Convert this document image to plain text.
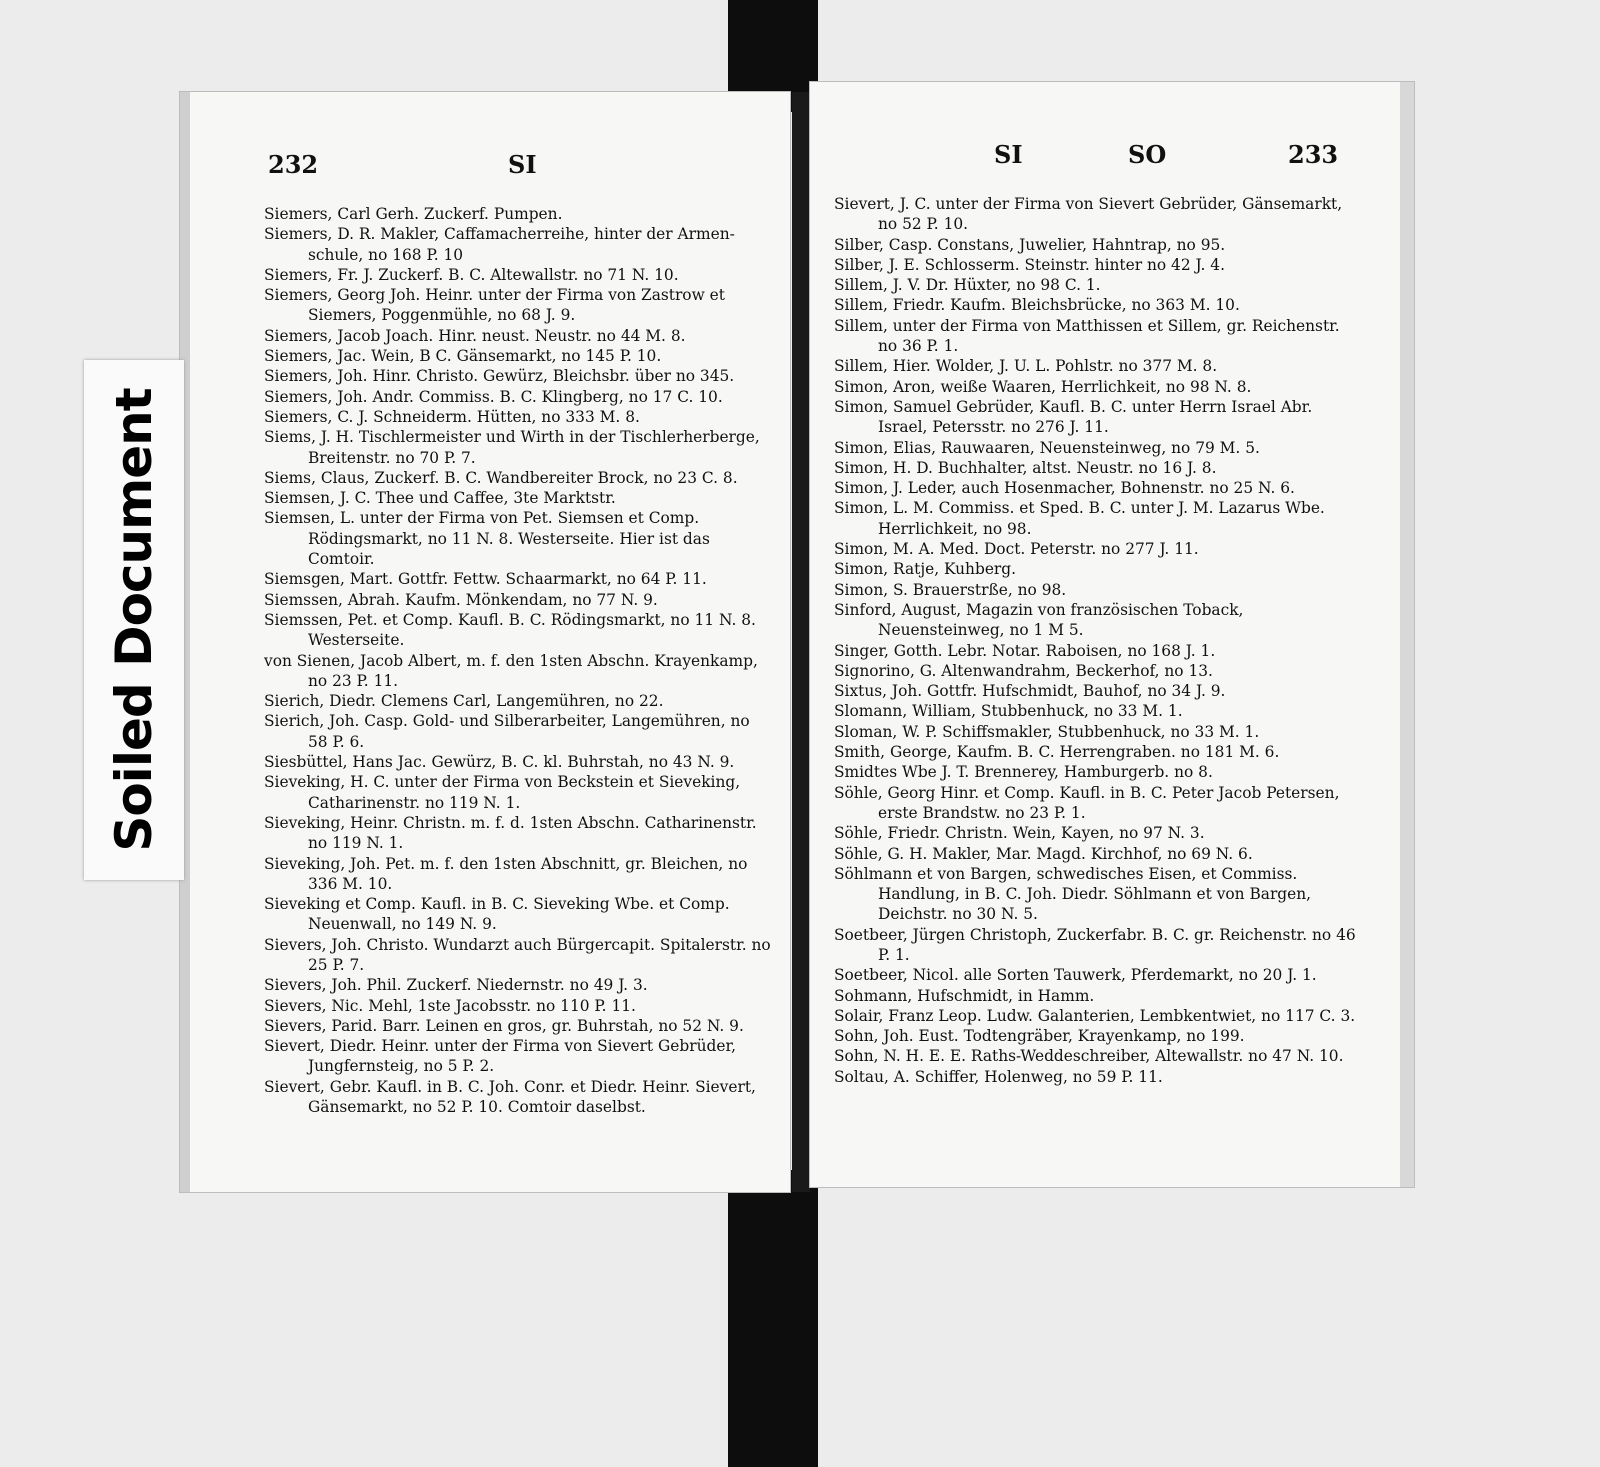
232	SI
Siemers, Carl Gerh. Zuckerf. Pumpen.
Siemers, D. R. Makler, Caffamacherreihe, hinter der Armen-schule, no 168 P. 10
Siemers, Fr. J. Zuckerf. B. C. Altewallstr. no 71 N. 10.
Siemers, Georg Joh. Heinr. unter der Firma von Zastrow et Siemers, Poggenmühle, no 68 J. 9.
Siemers, Jacob Joach. Hinr. neust. Neustr. no 44 M. 8.
Siemers, Jac. Wein, B C. Gänsemarkt, no 145 P. 10.
Siemers, Joh. Hinr. Christo. Gewürz, Bleichsbr. über no 345.
Siemers, Joh. Andr. Commiss. B. C. Klingberg, no 17 C. 10.
Siemers, C. J. Schneiderm. Hütten, no 333 M. 8.
Siems, J. H. Tischlermeister und Wirth in der Tischlerherberge, Breitenstr. no 70 P. 7.
Siems, Claus, Zuckerf. B. C. Wandbereiter Brock, no 23 C. 8.
Siemsen, J. C. Thee und Caffee, 3te Marktstr.
Siemsen, L. unter der Firma von Pet. Siemsen et Comp. Rödingsmarkt, no 11 N. 8. Westerseite. Hier ist das Comtoir.
Siemsgen, Mart. Gottfr. Fettw. Schaarmarkt, no 64 P. 11.
Siemssen, Abrah. Kaufm. Mönkendam, no 77 N. 9.
Siemssen, Pet. et Comp. Kaufl. B. C. Rödingsmarkt, no 11 N. 8. Westerseite.
von Sienen, Jacob Albert, m. f. den 1sten Abschn. Krayenkamp, no 23 P. 11.
Sierich, Diedr. Clemens Carl, Langemühren, no 22.
Sierich, Joh. Casp. Gold- und Silberarbeiter, Langemühren, no 58 P. 6.
Siesbüttel, Hans Jac. Gewürz, B. C. kl. Buhrstah, no 43 N. 9.
Sieveking, H. C. unter der Firma von Beckstein et Sieveking, Catharinenstr. no 119 N. 1.
Sieveking, Heinr. Christn. m. f. d. 1sten Abschn. Catharinenstr. no 119 N. 1.
Sieveking, Joh. Pet. m. f. den 1sten Abschnitt, gr. Bleichen, no 336 M. 10.
Sieveking et Comp. Kaufl. in B. C. Sieveking Wbe. et Comp. Neuenwall, no 149 N. 9.
Sievers, Joh. Christo. Wundarzt auch Bürgercapit. Spitalerstr. no 25 P. 7.
Sievers, Joh. Phil. Zuckerf. Niedernstr. no 49 J. 3.
Sievers, Nic. Mehl, 1ste Jacobsstr. no 110 P. 11.
Sievers, Parid. Barr. Leinen en gros, gr. Buhrstah, no 52 N. 9.
Sievert, Diedr. Heinr. unter der Firma von Sievert Gebrüder, Jungfernsteig, no 5 P. 2.
Sievert, Gebr. Kaufl. in B. C. Joh. Conr. et Diedr. Heinr. Sievert, Gänsemarkt, no 52 P. 10. Comtoir daselbst.
SI	SO	233
Sievert, J. C. unter der Firma von Sievert Gebrüder, Gänsemarkt, no 52 P. 10.
Silber, Casp. Constans, Juwelier, Hahntrap, no 95.
Silber, J. E. Schlosserm. Steinstr. hinter no 42 J. 4.
Sillem, J. V. Dr. Hüxter, no 98 C. 1.
Sillem, Friedr. Kaufm. Bleichsbrücke, no 363 M. 10.
Sillem, unter der Firma von Matthissen et Sillem, gr. Reichenstr. no 36 P. 1.
Sillem, Hier. Wolder, J. U. L. Pohlstr. no 377 M. 8.
Simon, Aron, weiße Waaren, Herrlichkeit, no 98 N. 8.
Simon, Samuel Gebrüder, Kaufl. B. C. unter Herrn Israel Abr. Israel, Petersstr. no 276 J. 11.
Simon, Elias, Rauwaaren, Neuensteinweg, no 79 M. 5.
Simon, H. D. Buchhalter, altst. Neustr. no 16 J. 8.
Simon, J. Leder, auch Hosenmacher, Bohnenstr. no 25 N. 6.
Simon, L. M. Commiss. et Sped. B. C. unter J. M. Lazarus Wbe. Herrlichkeit, no 98.
Simon, M. A. Med. Doct. Peterstr. no 277 J. 11.
Simon, Ratje, Kuhberg.
Simon, S. Brauerstrße, no 98.
Sinford, August, Magazin von französischen Toback, Neuensteinweg, no 1 M 5.
Singer, Gotth. Lebr. Notar. Raboisen, no 168 J. 1.
Signorino, G. Altenwandrahm, Beckerhof, no 13.
Sixtus, Joh. Gottfr. Hufschmidt, Bauhof, no 34 J. 9.
Slomann, William, Stubbenhuck, no 33 M. 1.
Sloman, W. P. Schiffsmakler, Stubbenhuck, no 33 M. 1.
Smith, George, Kaufm. B. C. Herrengraben. no 181 M. 6.
Smidtes Wbe J. T. Brennerey, Hamburgerb. no 8.
Söhle, Georg Hinr. et Comp. Kaufl. in B. C. Peter Jacob Petersen, erste Brandstw. no 23 P. 1.
Söhle, Friedr. Christn. Wein, Kayen, no 97 N. 3.
Söhle, G. H. Makler, Mar. Magd. Kirchhof, no 69 N. 6.
Söhlmann et von Bargen, schwedisches Eisen, et Commiss. Handlung, in B. C. Joh. Diedr. Söhlmann et von Bargen, Deichstr. no 30 N. 5.
Soetbeer, Jürgen Christoph, Zuckerfabr. B. C. gr. Reichenstr. no 46 P. 1.
Soetbeer, Nicol. alle Sorten Tauwerk, Pferdemarkt, no 20 J. 1.
Sohmann, Hufschmidt, in Hamm.
Solair, Franz Leop. Ludw. Galanterien, Lembkentwiet, no 117 C. 3.
Sohn, Joh. Eust. Todtengräber, Krayenkamp, no 199.
Sohn, N. H. E. E. Raths-Weddeschreiber, Altewallstr. no 47 N. 10.
Soltau, A. Schiffer, Holenweg, no 59 P. 11.
Soiled Document
